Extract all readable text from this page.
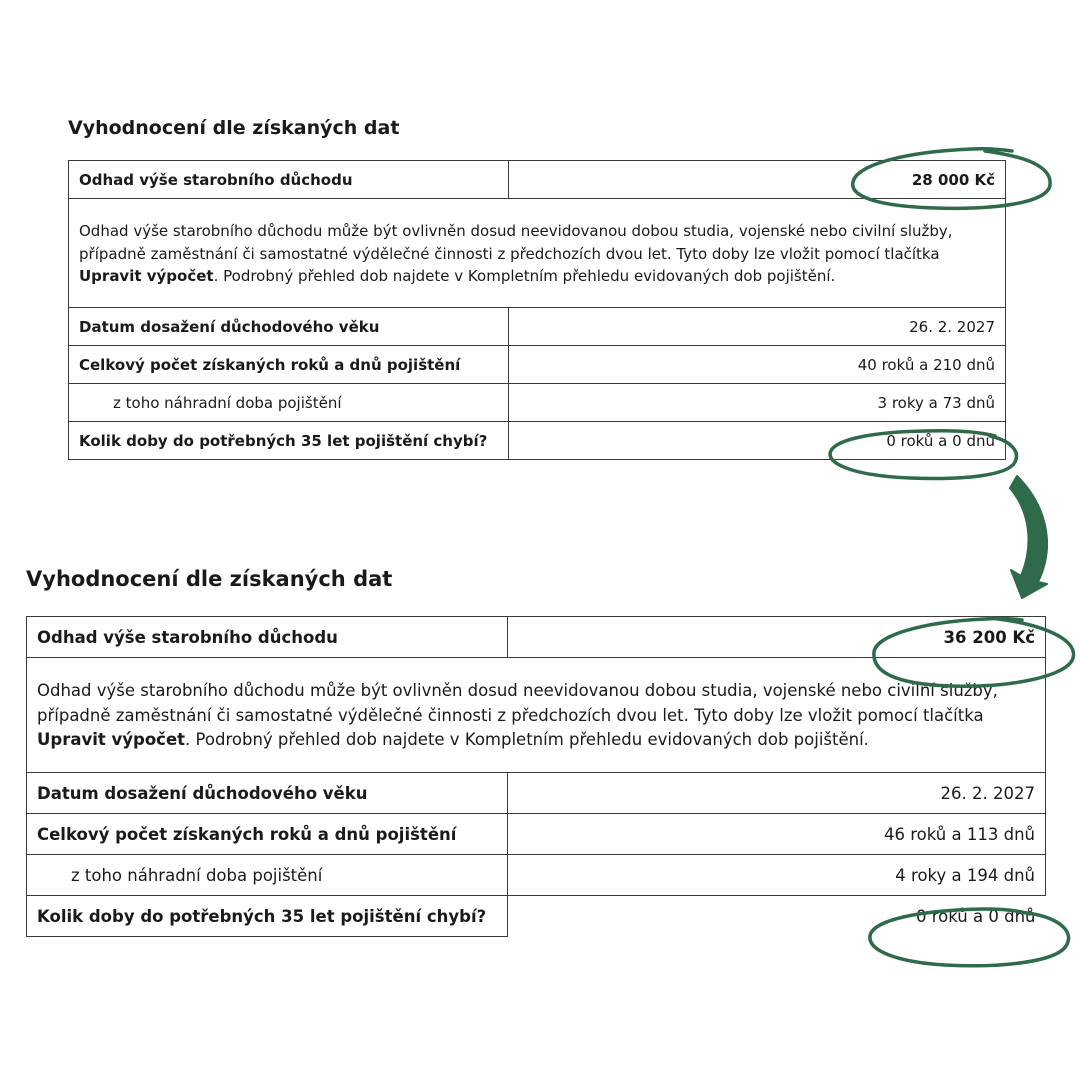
Vyhodnocení dle získaných dat
Odhad výše starobního důchodu	28 000 Kč
Odhad výše starobního důchodu může být ovlivněn dosud neevidovanou dobou studia, vojenské nebo civilní služby, případně zaměstnání či samostatné výdělečné činnosti z předchozích dvou let. Tyto doby lze vložit pomocí tlačítka Upravit výpočet. Podrobný přehled dob najdete v Kompletním přehledu evidovaných dob pojištění.	
Datum dosažení důchodového věku	26. 2. 2027
Celkový počet získaných roků a dnů pojištění	40 roků a 210 dnů
z toho náhradní doba pojištění	3 roky a 73 dnů
Kolik doby do potřebných 35 let pojištění chybí?	0 roků a 0 dnů
Vyhodnocení dle získaných dat
Odhad výše starobního důchodu	36 200 Kč
Odhad výše starobního důchodu může být ovlivněn dosud neevidovanou dobou studia, vojenské nebo civilní služby, případně zaměstnání či samostatné výdělečné činnosti z předchozích dvou let. Tyto doby lze vložit pomocí tlačítka Upravit výpočet. Podrobný přehled dob najdete v Kompletním přehledu evidovaných dob pojištění.	
Datum dosažení důchodového věku	26. 2. 2027
Celkový počet získaných roků a dnů pojištění	46 roků a 113 dnů
z toho náhradní doba pojištění	4 roky a 194 dnů
Kolik doby do potřebných 35 let pojištění chybí?	0 roků a 0 dnů
